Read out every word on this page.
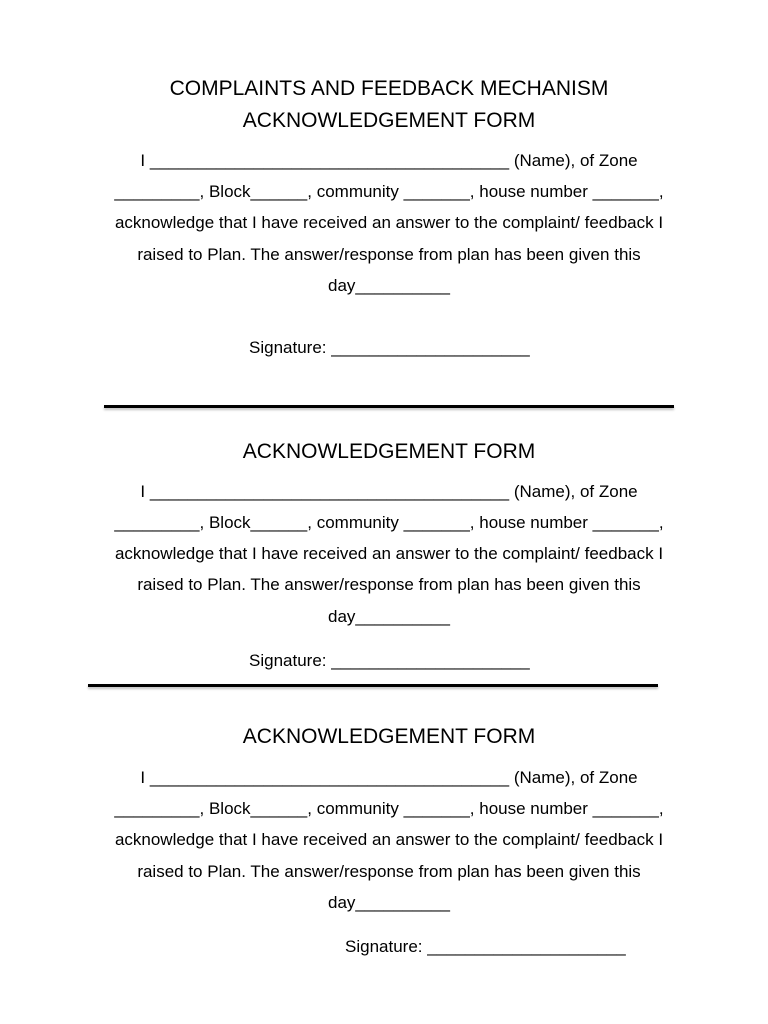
COMPLAINTS AND FEEDBACK MECHANISM
ACKNOWLEDGEMENT FORM
I ______________________________________ (Name), of Zone
_________, Block______, community _______, house number _______,
acknowledge that I have received an answer to the complaint/ feedback I
raised to Plan. The answer/response from plan has been given this
day__________
Signature: _____________________
ACKNOWLEDGEMENT FORM
I ______________________________________ (Name), of Zone
_________, Block______, community _______, house number _______,
acknowledge that I have received an answer to the complaint/ feedback I
raised to Plan. The answer/response from plan has been given this
day__________
Signature: _____________________
ACKNOWLEDGEMENT FORM
I ______________________________________ (Name), of Zone
_________, Block______, community _______, house number _______,
acknowledge that I have received an answer to the complaint/ feedback I
raised to Plan. The answer/response from plan has been given this
day__________
Signature: _____________________
